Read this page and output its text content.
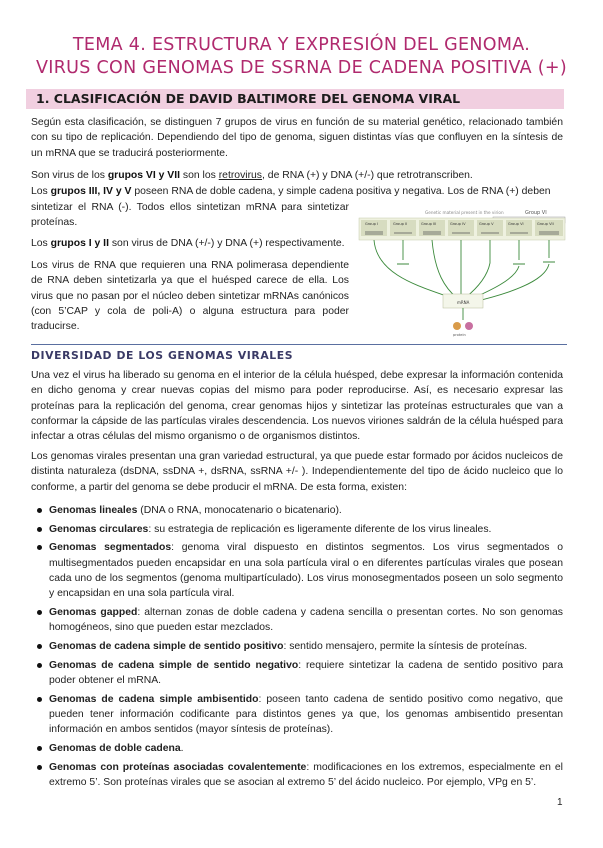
TEMA 4. ESTRUCTURA Y EXPRESIÓN DEL GENOMA.
VIRUS CON GENOMAS DE SSRNA DE CADENA POSITIVA (+)
1. CLASIFICACIÓN DE DAVID BALTIMORE DEL GENOMA VIRAL

Según esta clasificación, se distinguen 7 grupos de virus en función de su material genético, relacionado también con su tipo de replicación. Dependiendo del tipo de genoma, siguen distintas vías que confluyen en la síntesis de un mRNA que se traducirá posteriormente.

Son virus de los grupos VI y VII son los retrovirus, de RNA (+) y DNA (+/-) que retrotranscriben.

Los grupos III, IV y V poseen RNA de doble cadena, y simple cadena positiva y negativa. Los de RNA (+) deben

sintetizar el RNA (-). Todos ellos sintetizan mRNA para sintetizar proteínas.

Los grupos I y II son virus de DNA (+/-) y DNA (+) respectivamente.

Los virus de RNA que requieren una RNA polimerasa dependiente de RNA deben sintetizarla ya que el huésped carece de ella. Los virus que no pasan por el núcleo deben sintetizar mRNAs canónicos (con 5’CAP y cola de poli-A) o alguna estructura para poder traducirse.

Genetic material present in the virion	Group VI
Group I	Group II	Group III	Group IV	Group V	Group VI	Group VII
mRNA
protein
DIVERSIDAD DE LOS GENOMAS VIRALES

Una vez el virus ha liberado su genoma en el interior de la célula huésped, debe expresar la información contenida en dicho genoma y crear nuevas copias del mismo para poder reproducirse. Así, es necesario expresar las proteínas para la replicación del genoma, crear genomas hijos y sintetizar las proteínas estructurales que van a conformar la cápside de las partículas virales descendencia. Los nuevos viriones saldrán de la célula huésped para infectar a otras células del mismo organismo o de organismos distintos.

Los genomas virales presentan una gran variedad estructural, ya que puede estar formado por ácidos nucleicos de distinta naturaleza (dsDNA, ssDNA +, dsRNA, ssRNA +/- ). Independientemente del tipo de ácido nucleico que lo conforme, a partir del genoma se debe producir el mRNA. De esta forma, existen:

Genomas lineales (DNA o RNA, monocatenario o bicatenario).
Genomas circulares: su estrategia de replicación es ligeramente diferente de los virus lineales.
Genomas segmentados: genoma viral dispuesto en distintos segmentos. Los virus segmentados o multisegmentados pueden encapsidar en una sola partícula viral o en diferentes partículas virales que posean cada uno de los segmentos (genoma multipartículado). Los virus monosegmentados poseen un solo segmento y encapsidan en una sola partícula viral.
Genomas gapped: alternan zonas de doble cadena y cadena sencilla o presentan cortes. No son genomas homogéneos, sino que pueden estar mezclados.
Genomas de cadena simple de sentido positivo: sentido mensajero, permite la síntesis de proteínas.
Genomas de cadena simple de sentido negativo: requiere sintetizar la cadena de sentido positivo para poder obtener el mRNA.
Genomas de cadena simple ambisentido: poseen tanto cadena de sentido positivo como negativo, que pueden tener información codificante para distintos genes ya que, los genomas ambisentido presentan información en ambos sentidos (mayor síntesis de proteínas).
Genomas de doble cadena.
Genomas con proteínas asociadas covalentemente: modificaciones en los extremos, especialmente en el extremo 5’. Son proteínas virales que se asocian al extremo 5’ del ácido nucleico. Por ejemplo, VPg en 5’.
1
